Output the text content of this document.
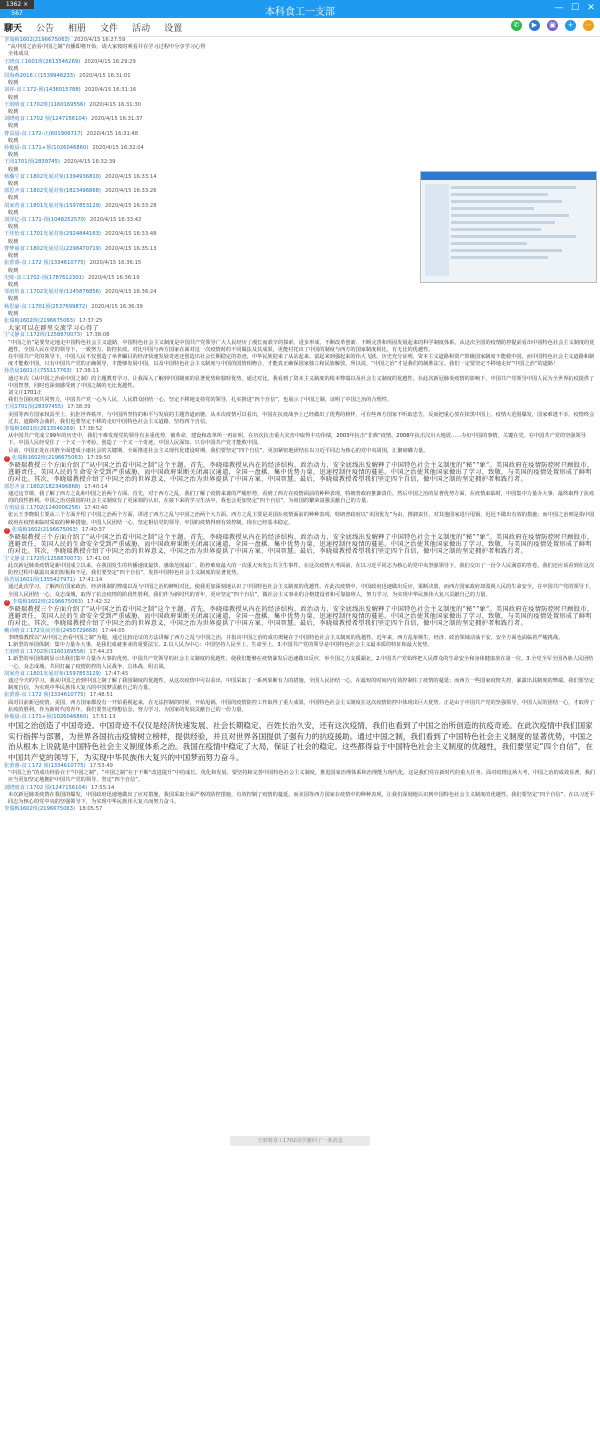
1362 × 567	本科食工一支部	— ☐ ✕
聊天 公告 相册 文件 活动 设置	✆	▶	▣	+	⋯
李瑞梅1602(2196675063) 2020/4/15 16:27:59
“从中国之治看中国之制”直播即将开始，请大家按时观看并在学习过程中分享学习心得
全体成员
王晓食工1601班(2613546269) 2020/4/15 16:29:29
收到
周海燕2016工(1539948233) 2020/4/15 16:31:01
收到
刘祥-食工172-预(1436015788) 2020/4/15 16:31:16
收到
王雨晴食工1702班(1160169556) 2020/4/15 16:31:30
收到
刘晓雨食工1702 预(1247156104) 2020/4/15 16:31:37
收到
曹益晨-食工172-正(601906717) 2020/4/15 16:31:48
收到
孙俊晨-食工171+预(1026046860) 2020/4/15 16:32:04
收到
王同1701预(2839745) 2020/4/15 16:32:39
收到
杨瀚尘食工1802发展对象(1394936810) 2020/4/15 16:33:14
收到
郭思齐食工1802发展对象(1823496868) 2020/4/15 16:33:26
收到
胡家萱食工1801发展对象(1597853129) 2020/4/15 16:33:28
收到
刘泽亿-食工171-预(1048252570) 2020/4/15 16:33:42
收到
王佳怡食工1701发展对象(2924844163) 2020/4/15 16:33:48
收到
曹梦丽食工1802发展党员(2298470719) 2020/4/15 16:35:13
收到
张蕾睿-食工172 预(1334610775) 2020/4/15 16:36:15
收到
史陈-食工1702-预(1787612301) 2020/4/15 16:36:19
收到
邹雨彤食工1702发展对象(1245878856) 2020/4/15 16:36:24
收到
杨思豪-食工1701预(2537699872) 2020/4/15 16:36:39
收到
张瑞梅1602班(2196675063) 17:37:25
大家可以在群里交流学习心得了
宁文静食工172班(1258870073) 17:38:08
“中国之治”是要坚定地走中国特色社会主义道路，中国特色社会主义制度是中国共产党领导广大人民经历了漫长而艰辛的探索、进步形成、不断改革创新、不断完善和巩固发展起来的科学制度体系。从这次全国的疫情防控提前看出中国特色社会主义制度的优越性，全国人民在党的领导下，一致努力，防控抗疫。对比中国与西方国家在面对这一次疫情时的不同做法及其成果，更能衬托出了中国的制度与西方的国家制度相比，有无比的优越性。
在中国共产党的领导下，中国人民不仅创造了举世瞩目的经济快速发展奇迹还创造出社会长期稳定的奇迹，中华民族迎来了从站起来、富起来到强起来的伟大飞跃。历史充分证明，资本主义道路和资产阶级国家制度不能救中国，而中国特色社会主义道路和制度才能救中国，只有中国共产党的正确领导，才能够发展中国，以及中国特色社会主义制度与中国的国情相吻合，才能真正确保国家独立和民族解放。所以说，“中国之治”才是我们的制胜法宝。我们一定要坚定不移地走好“中国之治”的道路！
孙浩晨1601正(755117763) 17:38:11
通过本次《从中国之治看中国之制》的主题教育学习，让我深入了解到中国制度的显著优势和独特优势。通过对比，我看到了资本主义制度的根本弊端以及社会主义制度的优越性。在此次新冠肺炎疫情的影响下，中国共产党领导中国人民为全世界抗疫提供了中国智慧，同时也深刻感受到了中国之制的无比优越性。
刘文庄1701正
我们全国抗疫共同努力，中国共产党一心为人民，人民群众团结一心，坚定不移地支持党的领导，扎实推进“四个自信”，也展示了中国之制，证明了中国之治的合理性。
王同1701预(28397455) 17:38:39
美国等西方国家权益至上，抗拒世界秩序，与中国所坚持的和平与发展的主题背道而驰。从本次疫情可以看出，中国在抗疫战争上已经做出了优秀的榜样，可有些西方国家不听取忠告，反而把重心放在抹黑中国上，疫情大范围爆发，国家难逃不幸。疫情终会过去，道路终会曲折，我们也要坚定不移的走好中国特色社会主义道路，坚持四个自信。
李瑞梅1601班(2613546269) 17:38:52
从中国共产党成立99年的历史中，我们不难发现党的领导有多重优势，被革命、建设和改革所一再证明。在历次抗击重大灾害中取得丰功伟绩，2003年抗击“非典”疫情、2008年抗击汶川大地震……办好中国的事情，关键在党。在中国共产党的坚强领导下，中国人民经受住了一个又一个考验，创造了一个又一个奇迹，中国人民深知，只有中国共产党才能救中国。
目前，中国正处在决胜全面建成小康社会的关键期，全面推进社会主义现代化建设时期，我们要坚定“四个自信”，更加紧密地团结在以习近平同志为核心的党中央周围，汇聚磅礴力量。
! 张瑞梅1602班(2196675063) 17:39:50
李晓瑞教授三个方面介绍了“从中国之治看中国之制”这个主题。首先，李晓瑞教授从内在的经济结构、政治动力、安全底线出发解释了中国特色社会主义制度的“秘”“象”。美国政府在疫情防控时只顾股市、逃避责任，美国人民的生命安全受到严重威胁，而中国政府果断关闭离汉通道，全国一盘棋、集中优势力量，迅速控制住疫情的蔓延。中国之治使其他国家做出了学习、致敬，与美国的疫情处置形成了鲜明的对比。其次，李晓瑞教授介绍了中国之治的世界意义，中国之治为世界提供了中国方案、中国智慧。最后，李晓瑞教授希望我们坚定四个自信，做中国之制的坚定拥护者和践行者。
郭思齐食工1802(1823496868) 17:40:14
通过这节课，我了解了西方之乱和中国之治两个方面。首先，对于西方之乱，我们了解了疫情来袭的严峻形势，看到了西方在疫情面前的种种表现，特朗普政府推卸责任。然后中国之治的显著优势方面，在疫情来临时，中国集中力量办大事，最终取得了抗疫的阶段性胜利。中国之治对我国的社会主义制度有了更深刻的认识，在接下来的学习生活中，我也会更加坚定“四个自信”，为祖国的繁荣富强贡献自己的力量。
方雨晨食工1702(1240006256) 17:40:40
张云王李晓娟主要从三个方面介绍了中国之治两个方面，讲述了西方之乱与中国之治两个大方面。西方之乱主要是美国在疫情面前的种种表现，特朗普政府以“美国优先”为由，推卸责任，对其他国家进行甩锅，迟迟不做出有效的措施；而中国之治则是指中国政府在疫情来临时采取的种种措施。中国人民团结一心，坚定相信党的领导，中国的疫情得到有效控制，现在已经基本稳定。
! 张瑞梅1602(2196675063) 17:40:37
李晓瑞教授三个方面介绍了“从中国之治看中国之制”这个主题。首先，李晓瑞教授从内在的经济结构、政治动力、安全底线出发解释了中国特色社会主义制度的“秘”“象”。美国政府在疫情防控时只顾股市、逃避责任，美国人民的生命安全受到严重威胁，而中国政府果断关闭离汉通道，全国一盘棋、集中优势力量，迅速控制住疫情的蔓延。中国之治使其他国家做出了学习、致敬，与美国的疫情处置形成了鲜明的对比。其次，李晓瑞教授介绍了中国之治的世界意义，中国之治为世界提供了中国方案、中国智慧。最后，李晓瑞教授希望我们坚定四个自信，做中国之制的坚定拥护者和践行者。
宁文静食工172班(1258870073) 17:41:00
此次新冠肺炎疫情是新中国成立以来，在我国发生的传播速度最快、感染范围最广、防控难度最大的一次重大突发公共卫生事件。在这次疫情大考面前，在以习近平同志为核心的党中央坚强领导下，我们交出了一份令人民满意的答卷。我们还应该看到在这次防控过程中暴露出来的短板和不足，我们要坚定“四个自信”，发挥中国特色社会主义制度的显著优势。
孙浩晨1601预(1355427971) 17:41:14
通过此次学习，了解西方国家政治、经济体制的弊端以及与中国之治的鲜明对比，使我更加深刻地认识了中国特色社会主义制度的优越性。在此次疫情中，中国政府迅速做出反应，果断决策，而西方国家政府却漠视人民的生命安全。在中国共产党的领导下，全国人民团结一心，众志成城，取得了抗击疫情的阶段性胜利。我们作为新时代的青年，更应坚定“四个自信”，做社会主义事业的合格建设者和可靠接班人，努力学习，为实现中华民族伟大复兴贡献自己的力量。
! 李瑞梅1602班(2196675063) 17:42:32
李晓瑞教授三个方面介绍了“从中国之治看中国之制”这个主题。首先，李晓瑞教授从内在的经济结构、政治动力、安全底线出发解释了中国特色社会主义制度的“秘”“象”。美国政府在疫情防控时只顾股市、逃避责任，美国人民的生命安全受到严重威胁，而中国政府果断关闭离汉通道，全国一盘棋、集中优势力量，迅速控制住疫情的蔓延。中国之治使其他国家做出了学习、致敬，与美国的疫情处置形成了鲜明的对比。其次，李晓瑞教授介绍了中国之治的世界意义，中国之治为世界提供了中国方案、中国智慧。最后，李晓瑞教授希望我们坚定四个自信，做中国之制的坚定拥护者和践行者。
赖诗晴食工172发展对象(2450729668) 17:44:05
李晓瑞教授以“从中国之治看中国之制”为题，通过比较论证的方法讲解了西方之乱与中国之治，并指出中国之治的成功奥秘在于中国特色社会主义制度的优越性。近年来，西方乱象频生，经济、政治领域动荡不安，安全方面也面临着严峻挑战。
1.新型的举国体制：集中力量办大事，是我们成就事业的重要法宝。2.以人民为中心：中国坚持人民至上、生命至上。3.中国共产党的领导是中国特色社会主义最本质的特征和最大优势。
王雨晴食工1702班(1160169556) 17:44:23
1.新型的举国体制显示出我们集中力量办大事的优势。中国共产党领导的社会主义制度的优越性，使我们能够在疫情暴发后迅速做出反应，举全国之力支援湖北。2.中国共产党始终把人民群众的生命安全和身体健康放在第一位。3.全党全军全国各族人民团结一心，众志成城，共同打赢了疫情防控的人民战争、总体战、阻击战。
胡家萱食工1801发展对象(1597853129) 17:47:45
通过今天的学习，我从中国之治到中国之制了解了我国制度的优越性。从这次疫情中可以看出，中国采取了一系列果断有力的措施，全国人民团结一心，在最短的时间内有效控制住了疫情的蔓延；而西方一些国家疫情失控，暴露出其制度的弊端。我们要坚定制度自信，为实现中华民族伟大复兴的中国梦贡献自己的力量。
张蕾睿-食工172 预(1334610775) 17:48:51
面对目前新冠疫情，美国、西方国家都没有一开始重视起来，在无法控制的时候，开始甩锅。中国的疫情防控工作取得了重大成果，中国特色社会主义制度在这次疫情防控中体现出巨大优势。正是由于中国共产党的坚强领导，中国人民的团结一心，才取得了抗疫的胜利。作为新时代的青年，我们要坚定理想信念，努力学习，为国家的发展贡献自己的一份力量。
孙俊晨-食工171+预(1026046860) 17:51:13
中国之治创造了中国奇迹。中国奇迹不仅仅是经济快速发展、社会长期稳定、百姓长治久安，还有这次疫情，我们也看到了中国之治所创造的抗疫奇迹。在此次疫情中我们国家实行指挥与部署，为世界各国抗击疫情树立榜样，提供经验，并且对世界各国提供了强有力的抗疫援助。通过中国之制，我们看到了中国特色社会主义制度的显著优势，中国之治从根本上说就是中国特色社会主义制度体系之治。我国在疫情中稳定了大局，保证了社会的稳定。这些都得益于中国特色社会主义制度的优越性，我们要坚定“四个自信”，在中国共产党的领导下，为实现中华民族伟大复兴的中国梦而努力奋斗。
张蕾睿-食工172 预(1334610775) 17:53:49
“中国之治”的成功经验在于“中国之制”，“中国之制”在于不断“改进提升”中的成长。优化和发展，要坚持和完善中国特色社会主义制度，推进国家治理体系和治理能力现代化，这是我们党在新时代的重大任务。面对疫情这场大考，中国之治的成效显著，我们应当更加坚定地拥护中国共产党的领导，坚定“四个自信”。
刘晓雨食工1702 预(1247156104) 17:55:14
本次新冠肺炎疫情在我国的爆发，中国政府迅速地做出了应对措施，我国采取全面严格的防控措施，有效控制了疫情的蔓延。而美国等西方国家在疫情中的种种表现，让我们深刻地认识到中国特色社会主义制度的优越性。我们要坚定“四个自信”，在以习近平同志为核心的党中央的坚强领导下，为实现中华民族伟大复兴而努力奋斗。
李瑞梅1602班(2196675063) 18:05:57
王雨晴食工1702同学撤回了一条消息
